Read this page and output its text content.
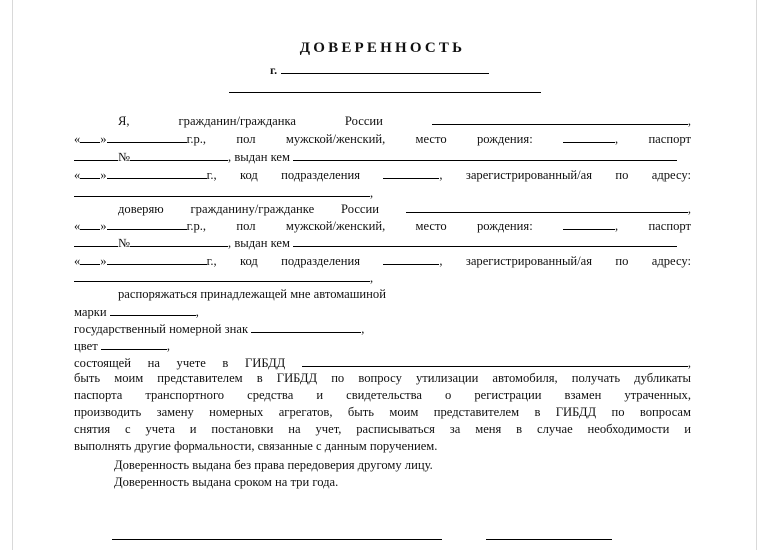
ДОВЕРЕННОСТЬ
г.
Я,	гражданин/гражданка	России	,
« »	г.р., пол мужской/женский, место рождения:	, паспорт
№	, выдан кем
« »	г., код подразделения	, зарегистрированный/ая по адресу:
,
доверяю гражданину/гражданке России	,
« »	г.р., пол мужской/женский, место рождения:	, паспорт
№	, выдан кем
« »	г., код подразделения	, зарегистрированный/ая по адресу:
,
распоряжаться принадлежащей мне автомашиной
марки	,
государственный номерной знак	,
цвет	,
состоящей на учете в ГИБДД	,
быть моим представителем в ГИБДД по вопросу утилизации автомобиля, получать дубликаты
паспорта транспортного средства и свидетельства о регистрации взамен утраченных,
производить замену номерных агрегатов, быть моим представителем в ГИБДД по вопросам
снятия с учета и постановки на учет, расписываться за меня в случае необходимости и
выполнять другие формальности, связанные с данным поручением.
Доверенность выдана без права передоверия другому лицу.
Доверенность выдана сроком на три года.
